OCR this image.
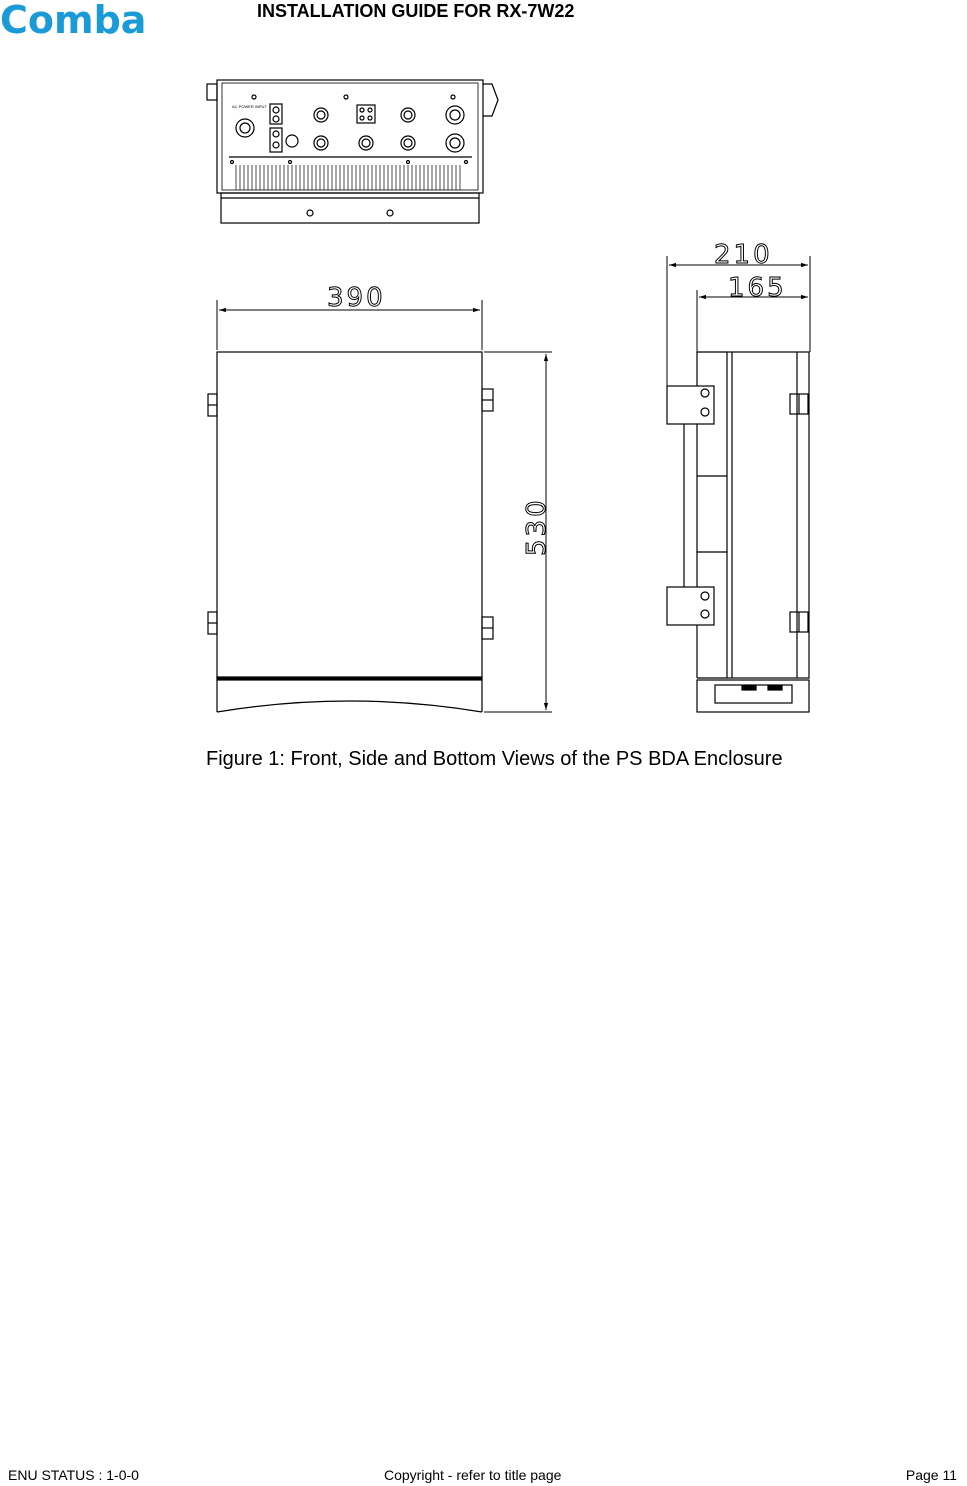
Comba	INSTALLATION GUIDE FOR RX-7W22
AC POWER INPUT
390
530
210
165
Figure 1: Front, Side and Bottom Views of the PS BDA Enclosure
ENU STATUS : 1-0-0	Copyright - refer to title page	Page 11
